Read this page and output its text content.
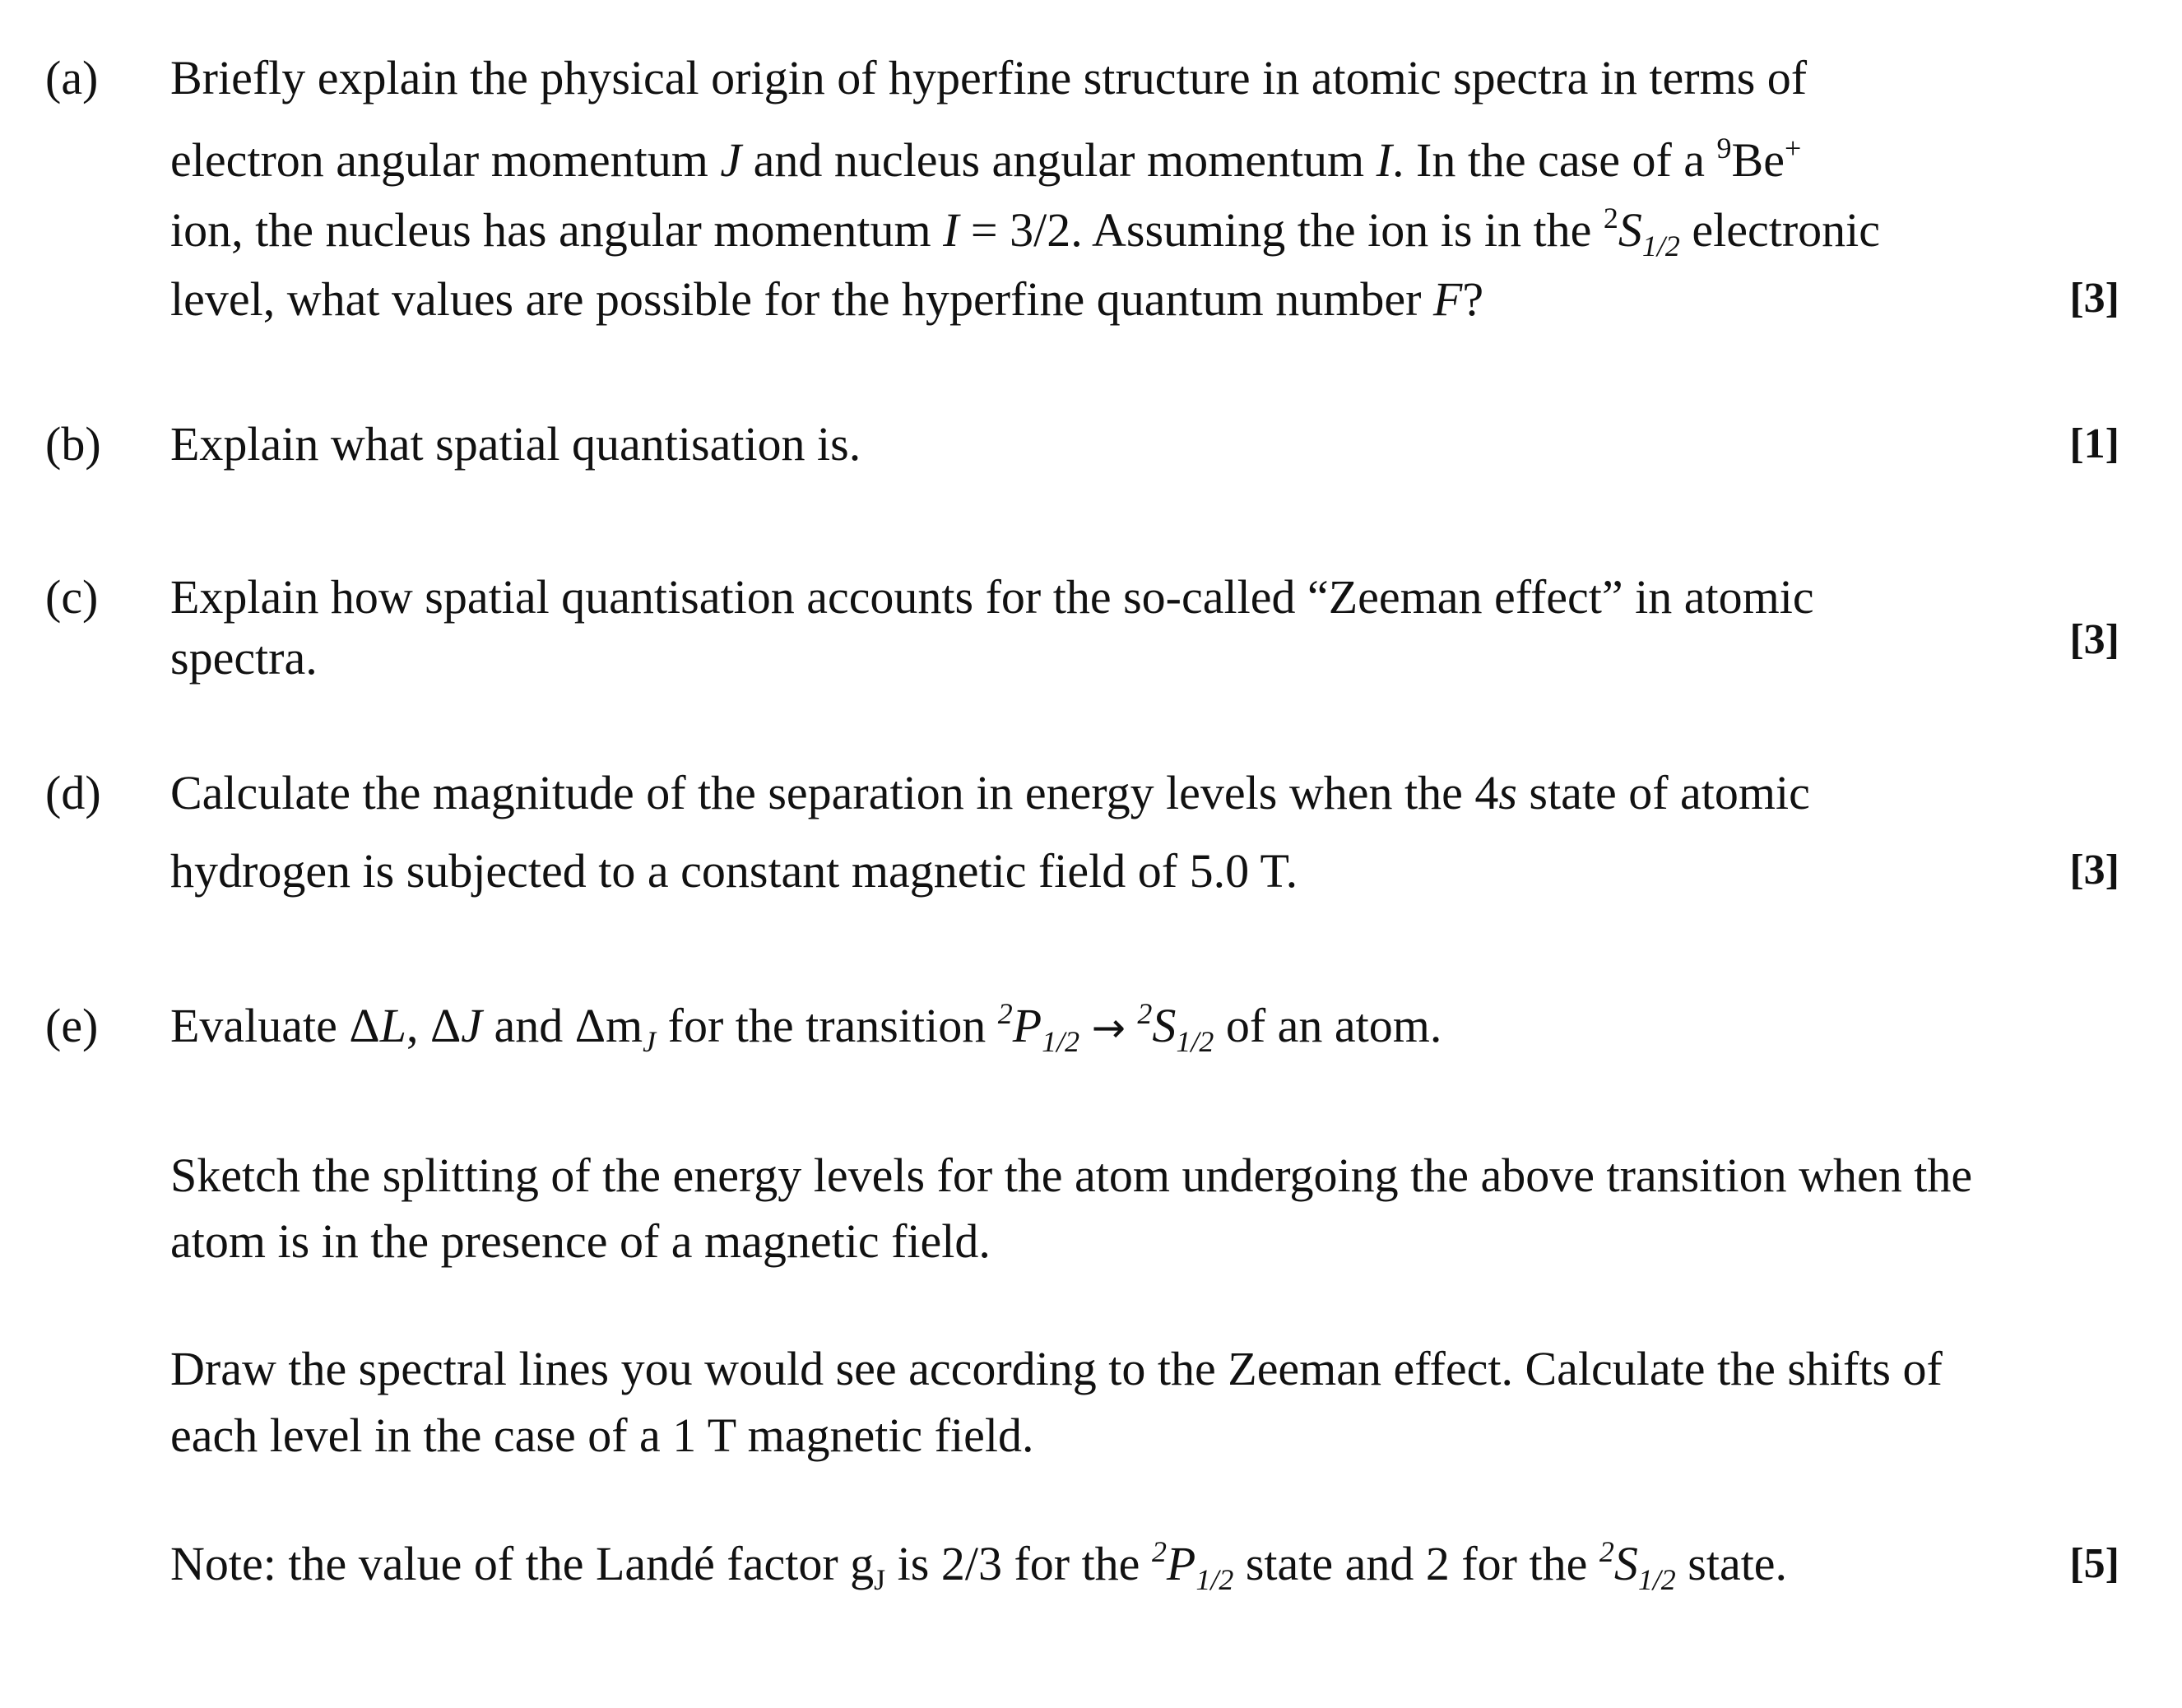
(a) Briefly explain the physical origin of hyperfine structure in atomic spectra in terms of
electron angular momentum J and nucleus angular momentum I. In the case of a $^9$Be+
ion, the nucleus has angular momentum I = 3/2. Assuming the ion is in the $^2$S1/2 electronic
level, what values are possible for the hyperfine quantum number F?	[3]
(b) Explain what spatial quantisation is.	[1]
(c) Explain how spatial quantisation accounts for the so-called “Zeeman effect” in atomic
spectra.	[3]
(d) Calculate the magnitude of the separation in energy levels when the 4s state of atomic
hydrogen is subjected to a constant magnetic field of 5.0 T.	[3]
(e) Evaluate ΔL, ΔJ and ΔmJ for the transition $^2$P1/2 → $^2$S1/2 of an atom.
Sketch the splitting of the energy levels for the atom undergoing the above transition when the
atom is in the presence of a magnetic field.
Draw the spectral lines you would see according to the Zeeman effect. Calculate the shifts of
each level in the case of a 1 T magnetic field.
Note: the value of the Landé factor gJ is 2/3 for the $^2$P1/2 state and 2 for the $^2$S1/2 state.	[5]
